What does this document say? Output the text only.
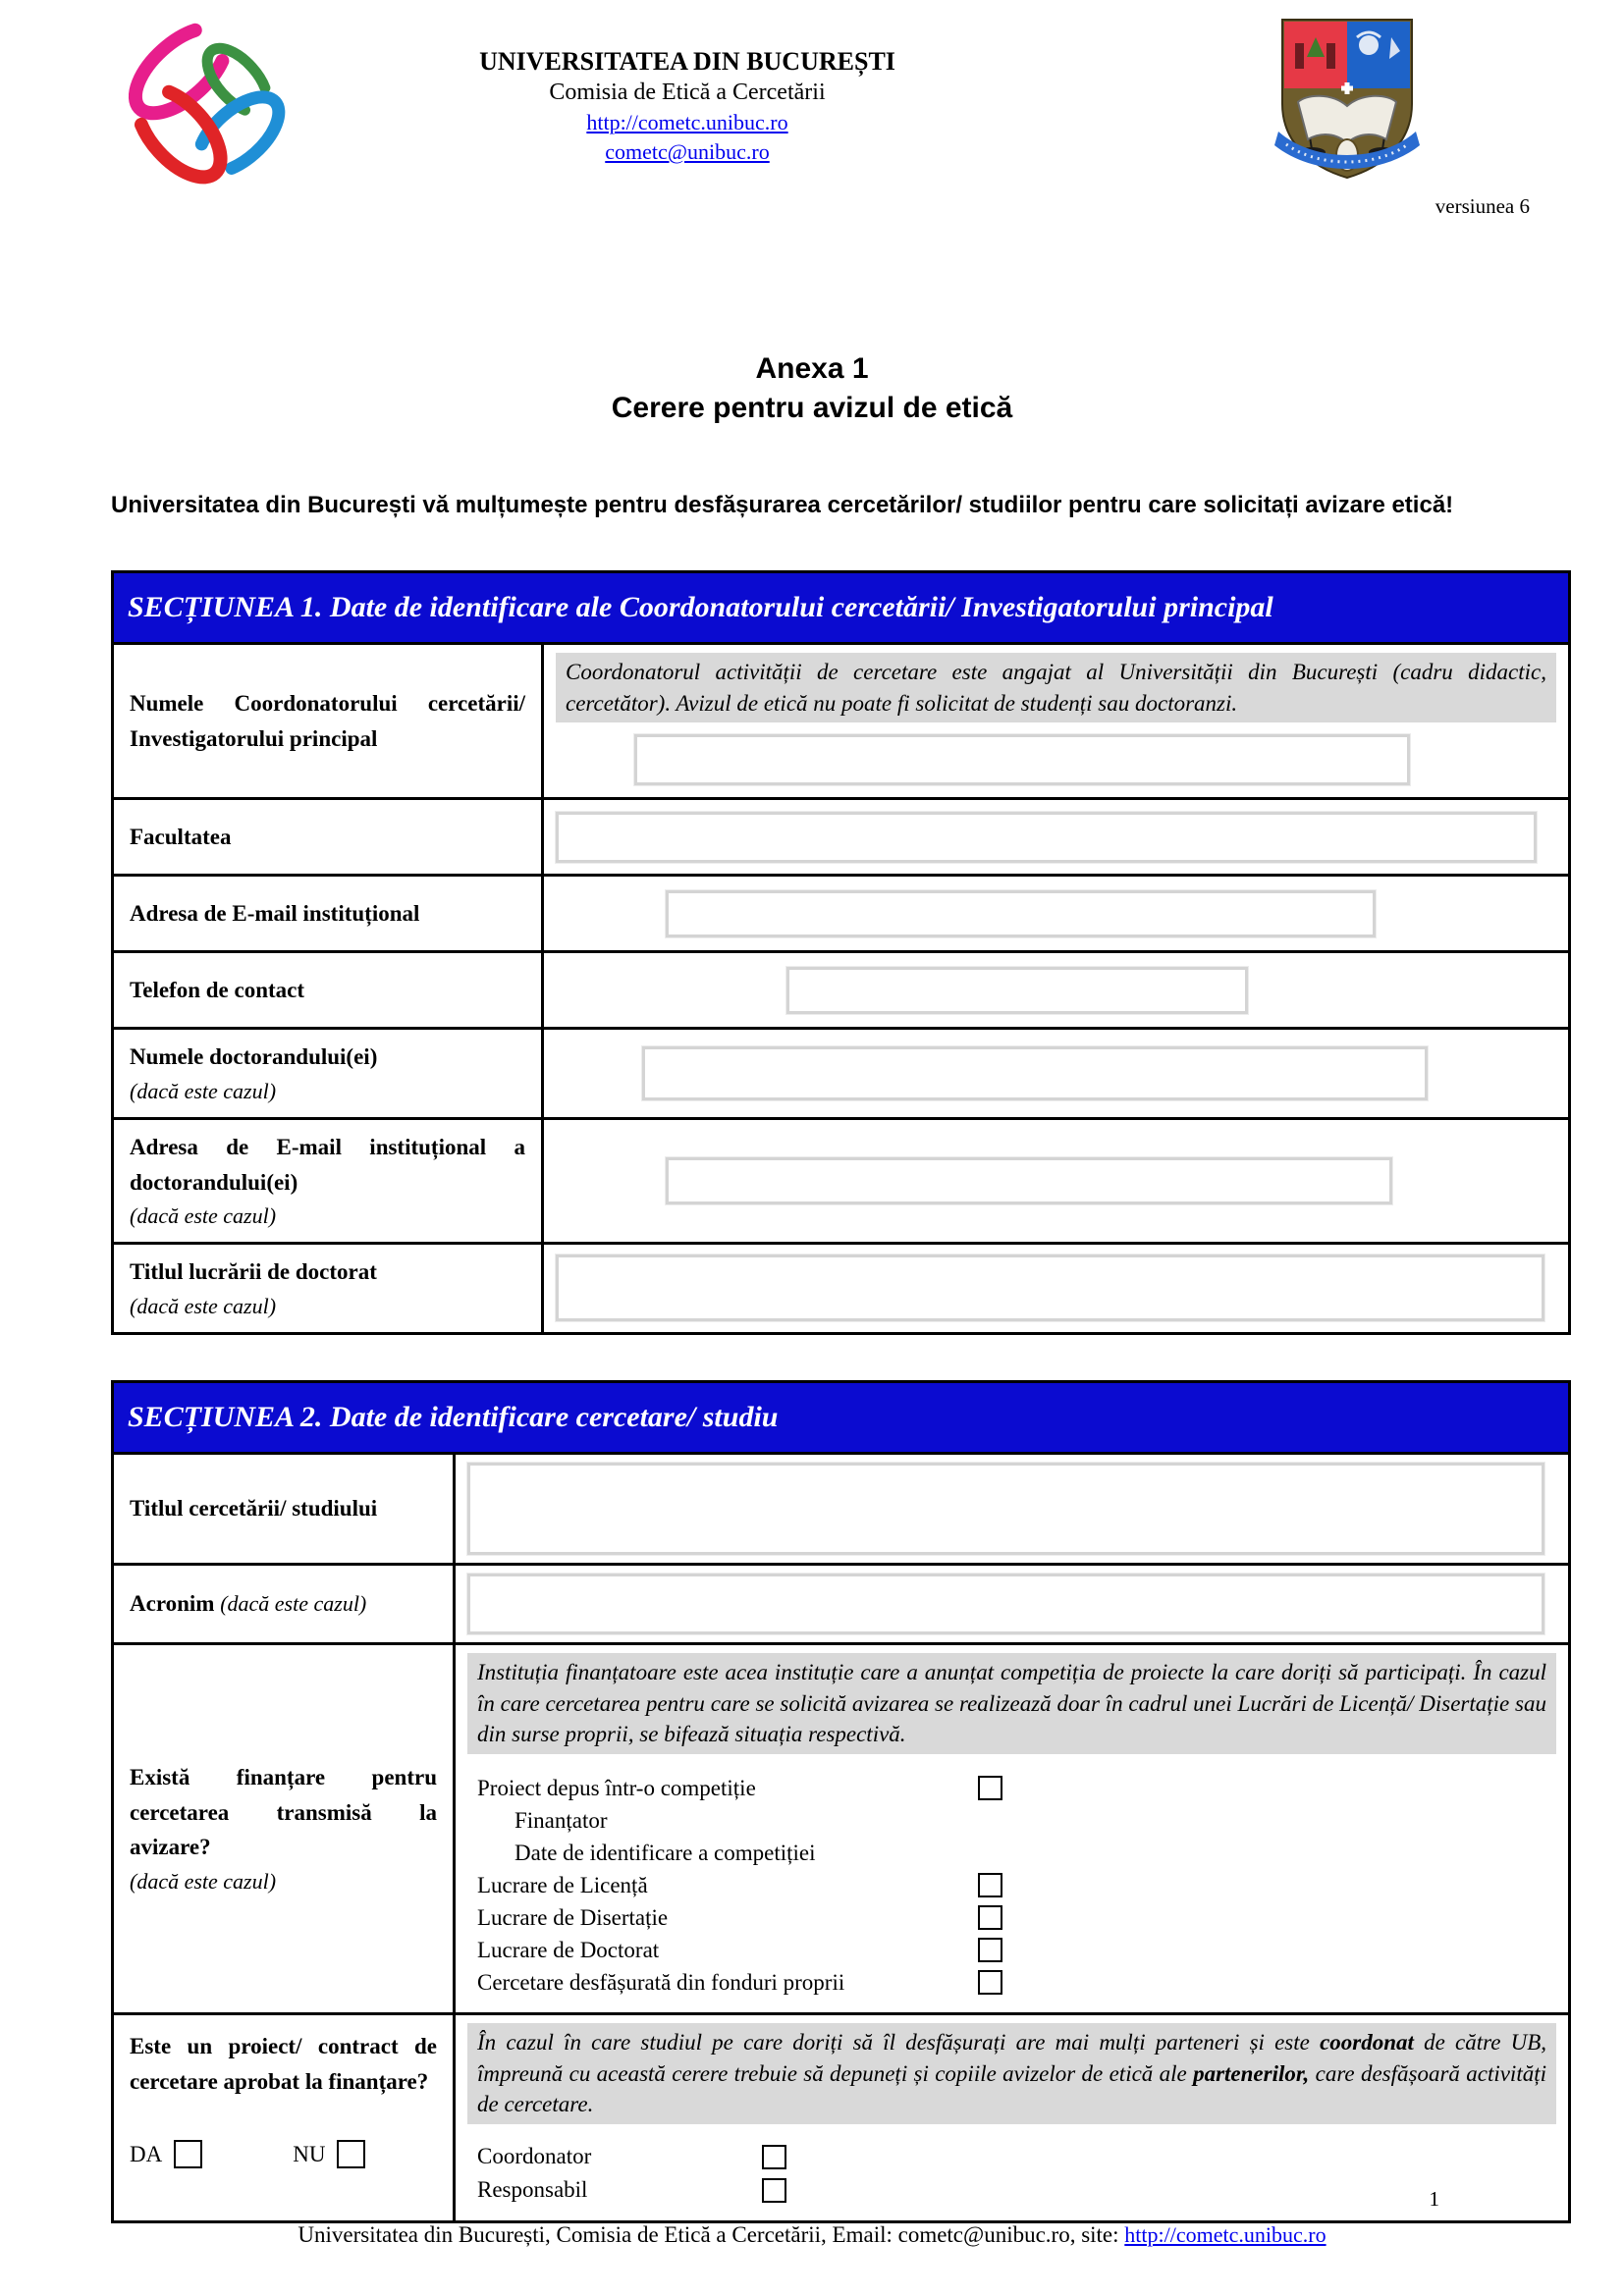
UNIVERSITATEA DIN BUCUREȘTI
Comisia de Etică a Cercetării
http://cometc.unibuc.ro
cometc@unibuc.ro
versiunea 6
Anexa 1
Cerere pentru avizul de etică

Universitatea din București vă mulțumește pentru desfășurarea cercetărilor/ studiilor pentru care solicitați avizare etică!

SECȚIUNEA 1. Date de identificare ale Coordonatorului cercetării/ Investigatorului principal
Numele Coordonatorului cercetării/ Investigatorului principal
Coordonatorul activității de cercetare este angajat al Universității din București (cadru didactic, cercetător). Avizul de etică nu poate fi solicitat de studenți sau doctoranzi.
Facultatea
Adresa de E-mail instituțional
Telefon de contact
Numele doctorandului(ei)
(dacă este cazul)
Adresa de E-mail instituțional a doctorandului(ei)
(dacă este cazul)
Titlul lucrării de doctorat
(dacă este cazul)
SECȚIUNEA 2. Date de identificare cercetare/ studiu
Titlul cercetării/ studiului
Acronim (dacă este cazul)
Există finanțare pentru cercetarea transmisă la avizare?
(dacă este cazul)
Instituția finanțatoare este acea instituție care a anunțat competiția de proiecte la care doriți să participați. În cazul în care cercetarea pentru care se solicită avizarea se realizează doar în cadrul unei Lucrări de Licență/ Disertație sau din surse proprii, se bifează situația respectivă.
Proiect depus într-o competiție
Finanțator
Date de identificare a competiției
Lucrare de Licență
Lucrare de Disertație
Lucrare de Doctorat
Cercetare desfășurată din fonduri proprii
Este un proiect/ contract de cercetare aprobat la finanțare?
DA	NU
În cazul în care studiul pe care doriți să îl desfășurați are mai mulți parteneri și este coordonat de către UB, împreună cu această cerere trebuie să depuneți și copiile avizelor de etică ale partenerilor, care desfășoară activități de cercetare.
Coordonator
Responsabil	1
Universitatea din București, Comisia de Etică a Cercetării, Email: cometc@unibuc.ro, site: http://cometc.unibuc.ro
